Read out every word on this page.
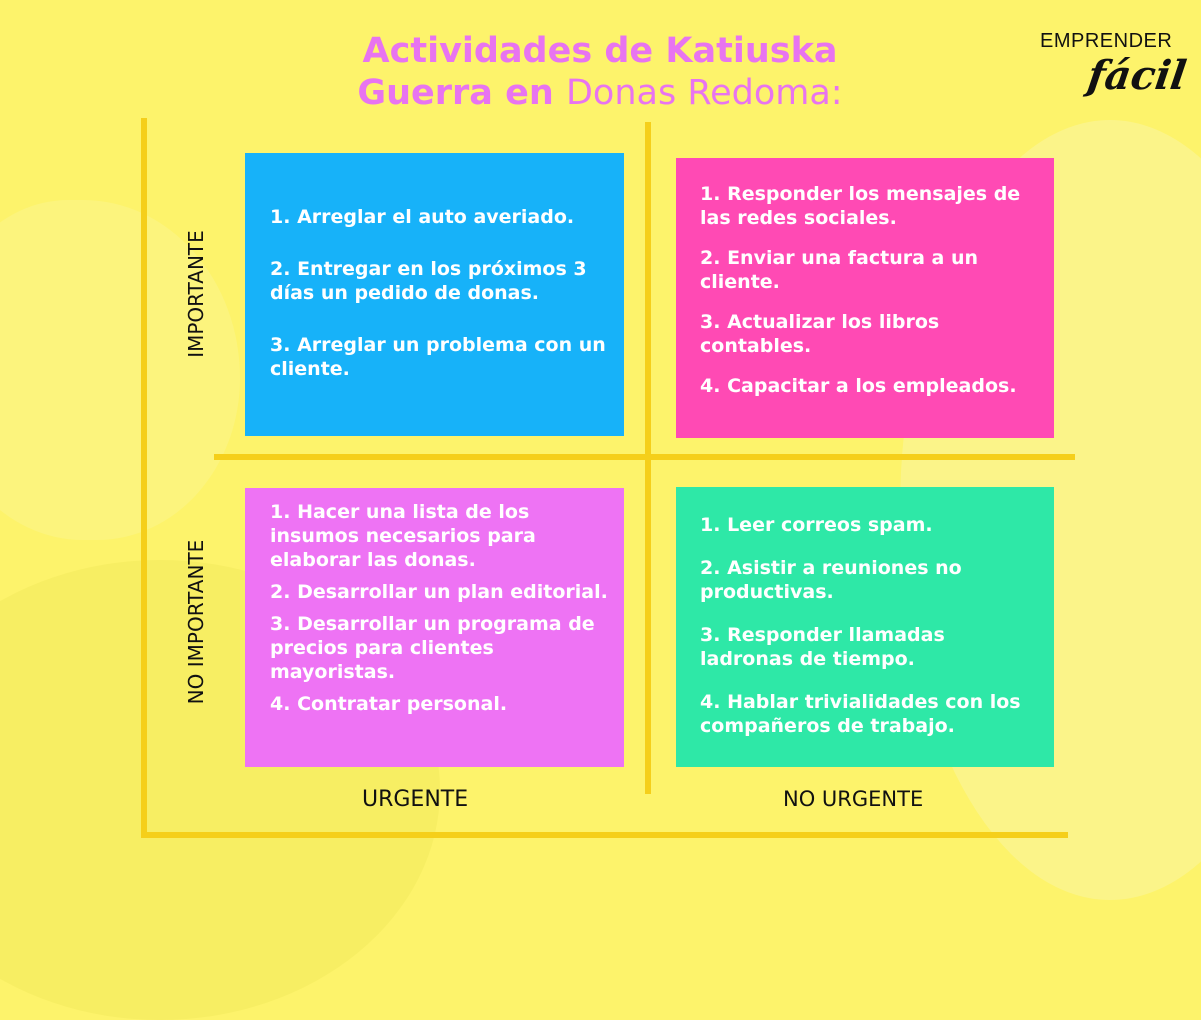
Actividades de Katiuska
Guerra en Donas Redoma:
EMPRENDER
fácil
IMPORTANTE
NO IMPORTANTE
URGENTE	NO URGENTE

1. Arreglar el auto averiado.

2. Entregar en los próximos 3 días un pedido de donas.

3. Arreglar un problema con un cliente.

1. Responder los mensajes de las redes sociales.

2. Enviar una factura a un cliente.

3. Actualizar los libros contables.

4. Capacitar a los empleados.

1. Hacer una lista de los insumos necesarios para elaborar las donas.

2. Desarrollar un plan editorial.

3. Desarrollar un programa de precios para clientes mayoristas.

4. Contratar personal.

1. Leer correos spam.

2. Asistir a reuniones no productivas.

3. Responder llamadas ladronas de tiempo.

4. Hablar trivialidades con los compañeros de trabajo.
